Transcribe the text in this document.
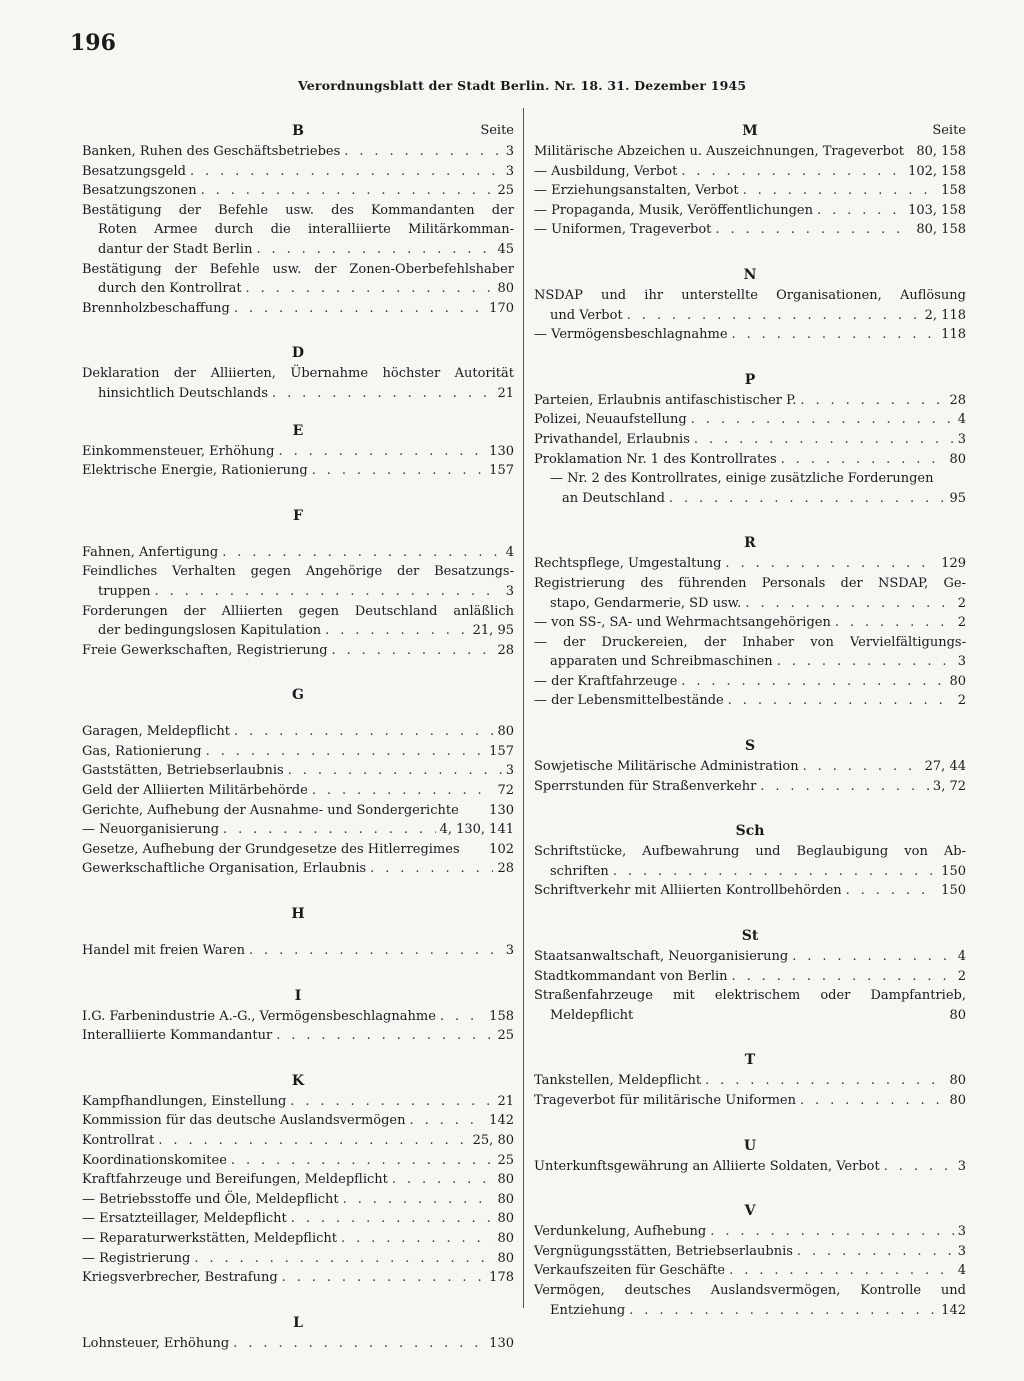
196
Verordnungsblatt der Stadt Berlin. Nr. 18. 31. Dezember 1945
B	Seite
Banken, Ruhen des Geschäftsbetriebes . . .	3
Besatzungsgeld . . .	3
Besatzungszonen . . .	25
Bestätigung der Befehle usw. des Kommandanten der
Roten Armee durch die interalliierte Militärkomman-
dantur der Stadt Berlin . . .	45
Bestätigung der Befehle usw. der Zonen-Oberbefehlshaber
durch den Kontrollrat . . .	80
Brennholzbeschaffung . . .	170
D
Deklaration der Alliierten, Übernahme höchster Autorität
hinsichtlich Deutschlands . . .	21
E
Einkommensteuer, Erhöhung . . .	130
Elektrische Energie, Rationierung . . .	157
F
Fahnen, Anfertigung . . .	4
Feindliches Verhalten gegen Angehörige der Besatzungs-
truppen . . .	3
Forderungen der Alliierten gegen Deutschland anläßlich
der bedingungslosen Kapitulation . . .	21, 95
Freie Gewerkschaften, Registrierung . . .	28
G
Garagen, Meldepflicht . . .	80
Gas, Rationierung . . .	157
Gaststätten, Betriebserlaubnis . . .	3
Geld der Alliierten Militärbehörde . . .	72
Gerichte, Aufhebung der Ausnahme- und Sondergerichte	130
— Neuorganisierung . . .	4, 130, 141
Gesetze, Aufhebung der Grundgesetze des Hitlerregimes	102
Gewerkschaftliche Organisation, Erlaubnis . . .	28
H
Handel mit freien Waren . . .	3
I
I.G. Farbenindustrie A.-G., Vermögensbeschlagnahme . . .	158
Interalliierte Kommandantur . . .	25
K
Kampfhandlungen, Einstellung . . .	21
Kommission für das deutsche Auslandsvermögen . . .	142
Kontrollrat . . .	25, 80
Koordinationskomitee . . .	25
Kraftfahrzeuge und Bereifungen, Meldepflicht . . .	80
— Betriebsstoffe und Öle, Meldepflicht . . .	80
— Ersatzteillager, Meldepflicht . . .	80
— Reparaturwerkstätten, Meldepflicht . . .	80
— Registrierung . . .	80
Kriegsverbrecher, Bestrafung . . .	178
L
Lohnsteuer, Erhöhung . . .	130
M	Seite
Militärische Abzeichen u. Auszeichnungen, Trageverbot 80, 158
— Ausbildung, Verbot . . .	102, 158
— Erziehungsanstalten, Verbot . . .	158
— Propaganda, Musik, Veröffentlichungen . . .	103, 158
— Uniformen, Trageverbot . . .	80, 158
N
NSDAP und ihr unterstellte Organisationen, Auflösung
und Verbot . . .	2, 118
— Vermögensbeschlagnahme . . .	118
P
Parteien, Erlaubnis antifaschistischer P. . . .	28
Polizei, Neuaufstellung . . .	4
Privathandel, Erlaubnis . . .	3
Proklamation Nr. 1 des Kontrollrates . . .	80
— Nr. 2 des Kontrollrates, einige zusätzliche Forderungen
an Deutschland . . .	95
R
Rechtspflege, Umgestaltung . . .	129
Registrierung des führenden Personals der NSDAP, Ge-
stapo, Gendarmerie, SD usw. . . .	2
— von SS-, SA- und Wehrmachtsangehörigen . . .	2
— der Druckereien, der Inhaber von Vervielfältigungs-
apparaten und Schreibmaschinen . . .	3
— der Kraftfahrzeuge . . .	80
— der Lebensmittelbestände . . .	2
S
Sowjetische Militärische Administration . . .	27, 44
Sperrstunden für Straßenverkehr . . .	3, 72
Sch
Schriftstücke, Aufbewahrung und Beglaubigung von Ab-
schriften . . .	150
Schriftverkehr mit Alliierten Kontrollbehörden . . .	150
St
Staatsanwaltschaft, Neuorganisierung . . .	4
Stadtkommandant von Berlin . . .	2
Straßenfahrzeuge mit elektrischem oder Dampfantrieb,
Meldepflicht	80
T
Tankstellen, Meldepflicht . . .	80
Trageverbot für militärische Uniformen . . .	80
U
Unterkunftsgewährung an Alliierte Soldaten, Verbot . . .	3
V
Verdunkelung, Aufhebung . . .	3
Vergnügungsstätten, Betriebserlaubnis . . .	3
Verkaufszeiten für Geschäfte . . .	4
Vermögen, deutsches Auslandsvermögen, Kontrolle und
Entziehung . . .	142
